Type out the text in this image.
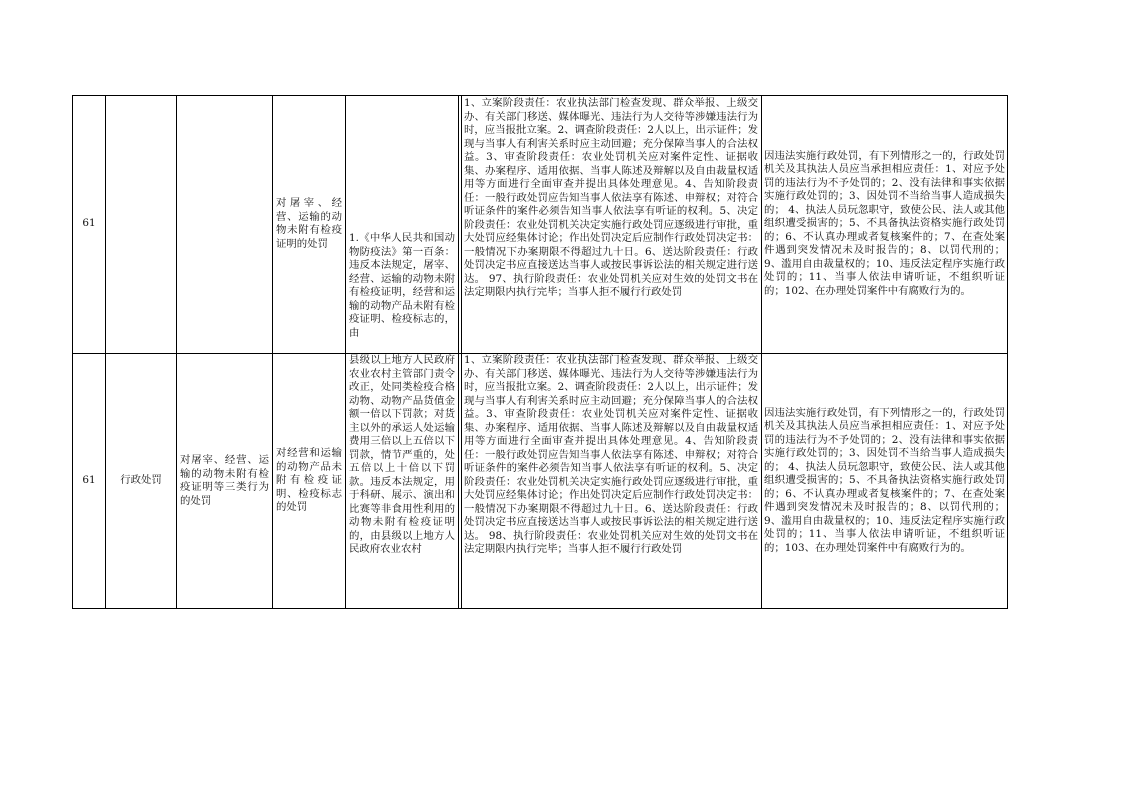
61
对屠宰、经营、运输的动物未附有检疫证明的处罚	1.《中华人民共和国动物防疫法》第一百条：违反本法规定，屠宰、经营、运输的动物未附有检疫证明，经营和运输的动物产品未附有检疫证明、检疫标志的，由
1、立案阶段责任：农业执法部门检查发现、群众举报、上级交办、有关部门移送、媒体曝光、违法行为人交待等涉嫌违法行为时，应当报批立案。2、调查阶段责任：2人以上，出示证件；发现与当事人有利害关系时应主动回避；充分保障当事人的合法权益。3、审查阶段责任：农业处罚机关应对案件定性、证据收集、办案程序、适用依据、当事人陈述及辩解以及自由裁量权适用等方面进行全面审查并提出具体处理意见。4、告知阶段责任：一般行政处罚应告知当事人依法享有陈述、申辩权；对符合听证条件的案件必须告知当事人依法享有听证的权利。5、决定阶段责任：农业处罚机关决定实施行政处罚应逐级进行审批，重大处罚应经集体讨论；作出处罚决定后应制作行政处罚决定书：一般情况下办案期限不得超过九十日。6、送达阶段责任：行政处罚决定书应直接送达当事人或按民事诉讼法的相关规定进行送达。 97、执行阶段责任：农业处罚机关应对生效的处罚文书在法定期限内执行完毕；当事人拒不履行行政处罚
因违法实施行政处罚，有下列情形之一的，行政处罚机关及其执法人员应当承担相应责任：1、对应予处罚的违法行为不予处罚的；2、没有法律和事实依据实施行政处罚的；3、因处罚不当给当事人造成损失的； 4、执法人员玩忽职守，致使公民、法人或其他组织遭受损害的；5、不具备执法资格实施行政处罚的；6、不认真办理或者复核案件的；7、在查处案件遇到突发情况未及时报告的；8、以罚代刑的；9、滥用自由裁量权的；10、违反法定程序实施行政处罚的；11、当事人依法申请听证，不组织听证的；102、在办理处罚案件中有腐败行为的。
61 行政处罚
对屠宰、经营、运输的动物未附有检疫证明等三类行为的处罚
对经营和运输的动物产品未附有检疫证明、检疫标志的处罚
县级以上地方人民政府农业农村主管部门责令改正，处同类检疫合格动物、动物产品货值金额一倍以下罚款；对货主以外的承运人处运输费用三倍以上五倍以下罚款，情节严重的，处五倍以上十倍以下罚款。违反本法规定，用于科研、展示、演出和比赛等非食用性利用的动物未附有检疫证明的，由县级以上地方人民政府农业农村
1、立案阶段责任：农业执法部门检查发现、群众举报、上级交办、有关部门移送、媒体曝光、违法行为人交待等涉嫌违法行为时，应当报批立案。2、调查阶段责任：2人以上，出示证件；发现与当事人有利害关系时应主动回避；充分保障当事人的合法权益。3、审查阶段责任：农业处罚机关应对案件定性、证据收集、办案程序、适用依据、当事人陈述及辩解以及自由裁量权适用等方面进行全面审查并提出具体处理意见。4、告知阶段责任：一般行政处罚应告知当事人依法享有陈述、申辩权；对符合听证条件的案件必须告知当事人依法享有听证的权利。5、决定阶段责任：农业处罚机关决定实施行政处罚应逐级进行审批，重大处罚应经集体讨论；作出处罚决定后应制作行政处罚决定书：一般情况下办案期限不得超过九十日。6、送达阶段责任：行政处罚决定书应直接送达当事人或按民事诉讼法的相关规定进行送达。 98、执行阶段责任：农业处罚机关应对生效的处罚文书在法定期限内执行完毕；当事人拒不履行行政处罚
因违法实施行政处罚，有下列情形之一的，行政处罚机关及其执法人员应当承担相应责任：1、对应予处罚的违法行为不予处罚的；2、没有法律和事实依据实施行政处罚的；3、因处罚不当给当事人造成损失的； 4、执法人员玩忽职守，致使公民、法人或其他组织遭受损害的；5、不具备执法资格实施行政处罚的；6、不认真办理或者复核案件的；7、在查处案件遇到突发情况未及时报告的；8、以罚代刑的；9、滥用自由裁量权的；10、违反法定程序实施行政处罚的；11、当事人依法申请听证，不组织听证的；103、在办理处罚案件中有腐败行为的。
